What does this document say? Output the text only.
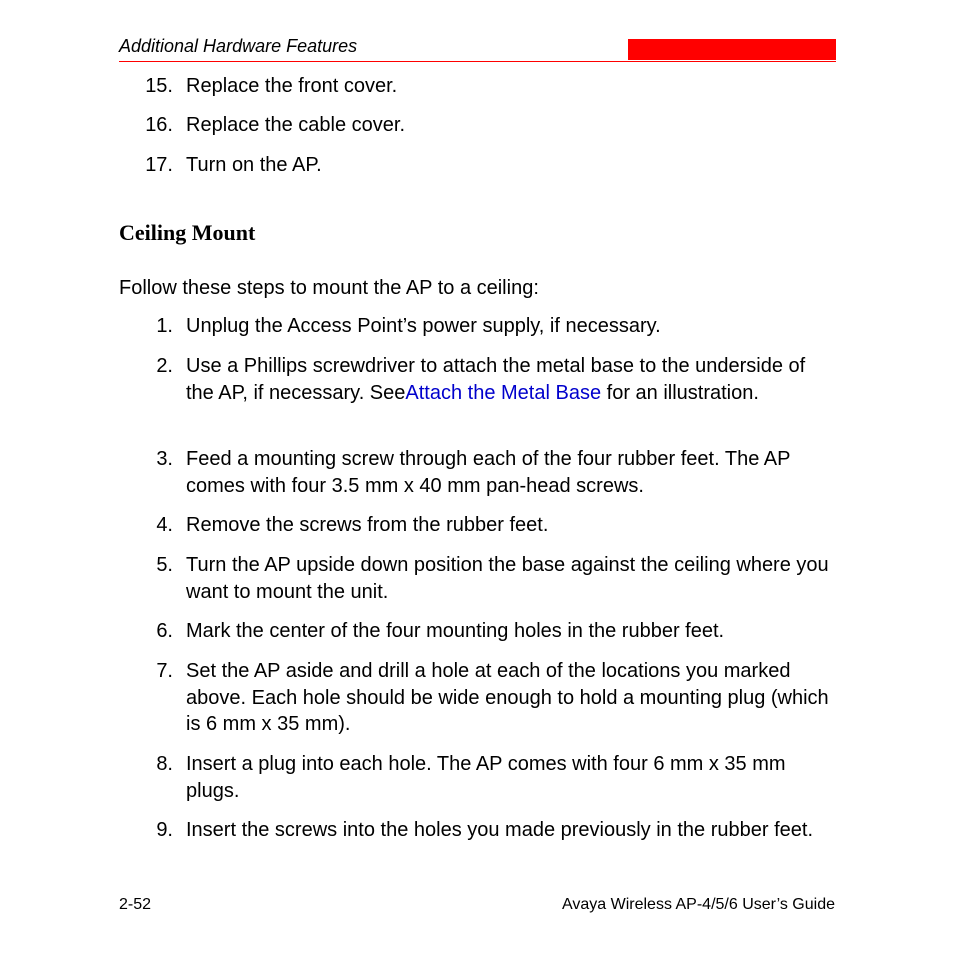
Additional Hardware Features
15. Replace the front cover.
16. Replace the cable cover.
17. Turn on the AP.
Ceiling Mount
Follow these steps to mount the AP to a ceiling:
1. Unplug the Access Point’s power supply, if necessary.
2. Use a Phillips screwdriver to attach the metal base to the underside of the AP, if necessary. SeeAttach the Metal Base for an illustration.
3. Feed a mounting screw through each of the four rubber feet. The AP comes with four 3.5 mm x 40 mm pan-head screws.
4. Remove the screws from the rubber feet.
5. Turn the AP upside down position the base against the ceiling where you want to mount the unit.
6. Mark the center of the four mounting holes in the rubber feet.
7. Set the AP aside and drill a hole at each of the locations you marked above. Each hole should be wide enough to hold a mounting plug (which is 6 mm x 35 mm).
8. Insert a plug into each hole. The AP comes with four 6 mm x 35 mm plugs.
9. Insert the screws into the holes you made previously in the rubber feet.
2-52	Avaya Wireless AP-4/5/6 User’s Guide
